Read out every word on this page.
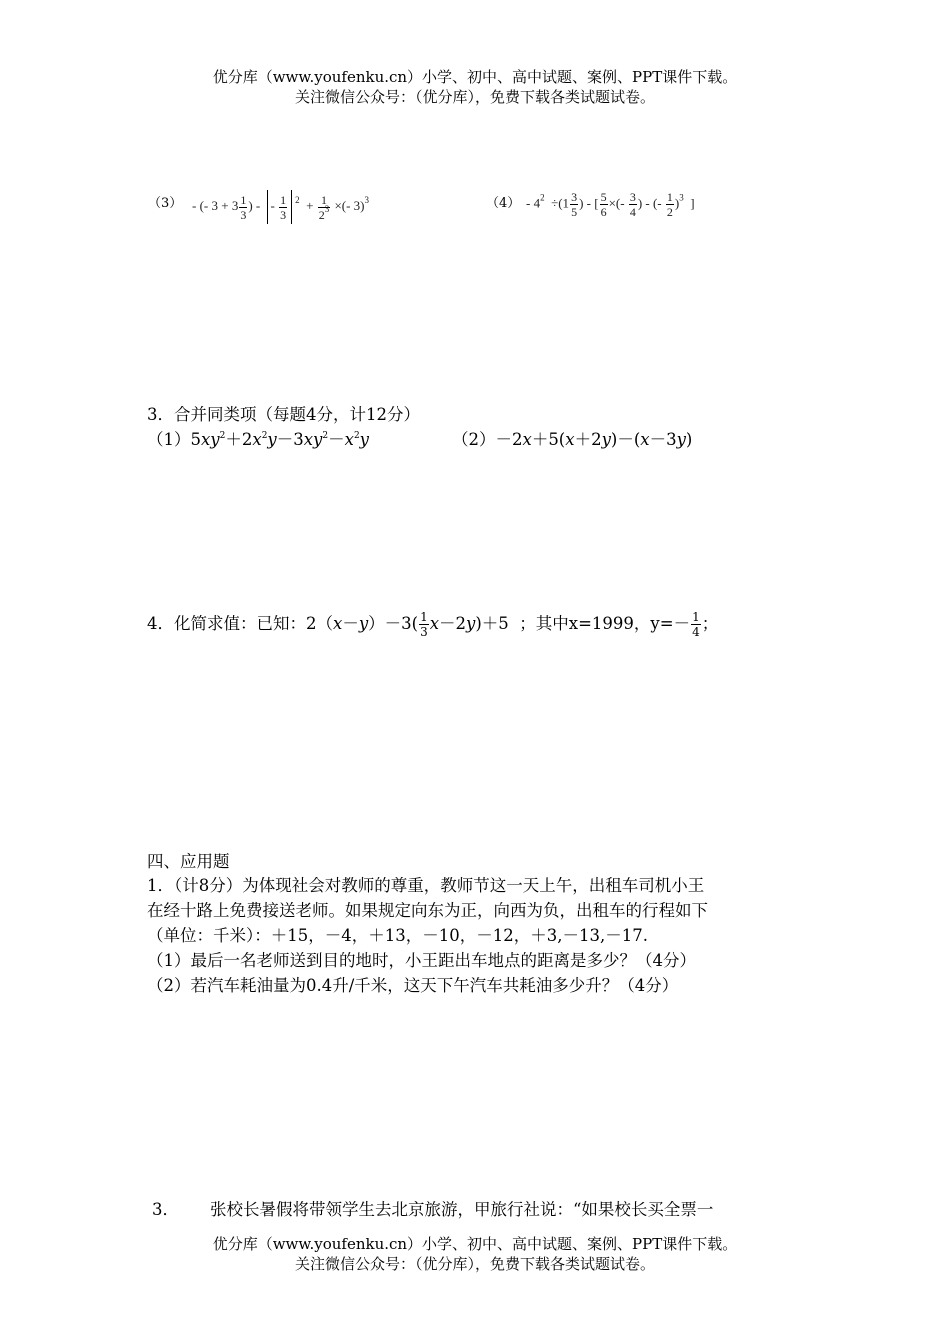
优分库（www.youfenku.cn）小学、初中、高中试题、案例、PPT课件下载。
关注微信公众号：（优分库），免费下载各类试题试卷。
（3） - (- $3 + 3 \frac{1}{3}$ ) - - $\frac{1}{3} ^2 + \frac{1}{2^3}$ ×(- 3)$^3$	$(4) - 4^2 \div(1 \frac{3}{5}$ ) - [ $\frac{5}{6}$ ×(- $\frac{3}{4}$ ) - (- $\frac{1}{2} )^3$  ]
3．合并同类项（每题4分，计12分）
$(1)5xy^2+2x^2y-3xy^2-x^2y$	（2）－2x＋5(x＋2y)－(x－3y)
4．化简求值：已知：$2(x-y)-3( \frac{1}{3} x-2y)+5$  ；其中x=1999，$y=- \frac{1}{4}$ ；
四、应用题
1．（计8分）为体现社会对教师的尊重，教师节这一天上午，出租车司机小王
在经十路上免费接送老师。如果规定向东为正，向西为负，出租车的行程如下
（单位：千米）：＋15，－4，＋13，－10，－12，＋3,－13,－17.
（1）最后一名老师送到目的地时，小王距出车地点的距离是多少？（4分）
（2）若汽车耗油量为0.4升/千米，这天下午汽车共耗油多少升？（4分）
3． 张校长暑假将带领学生去北京旅游，甲旅行社说：“如果校长买全票一
优分库（www.youfenku.cn）小学、初中、高中试题、案例、PPT课件下载。
关注微信公众号：（优分库），免费下载各类试题试卷。
